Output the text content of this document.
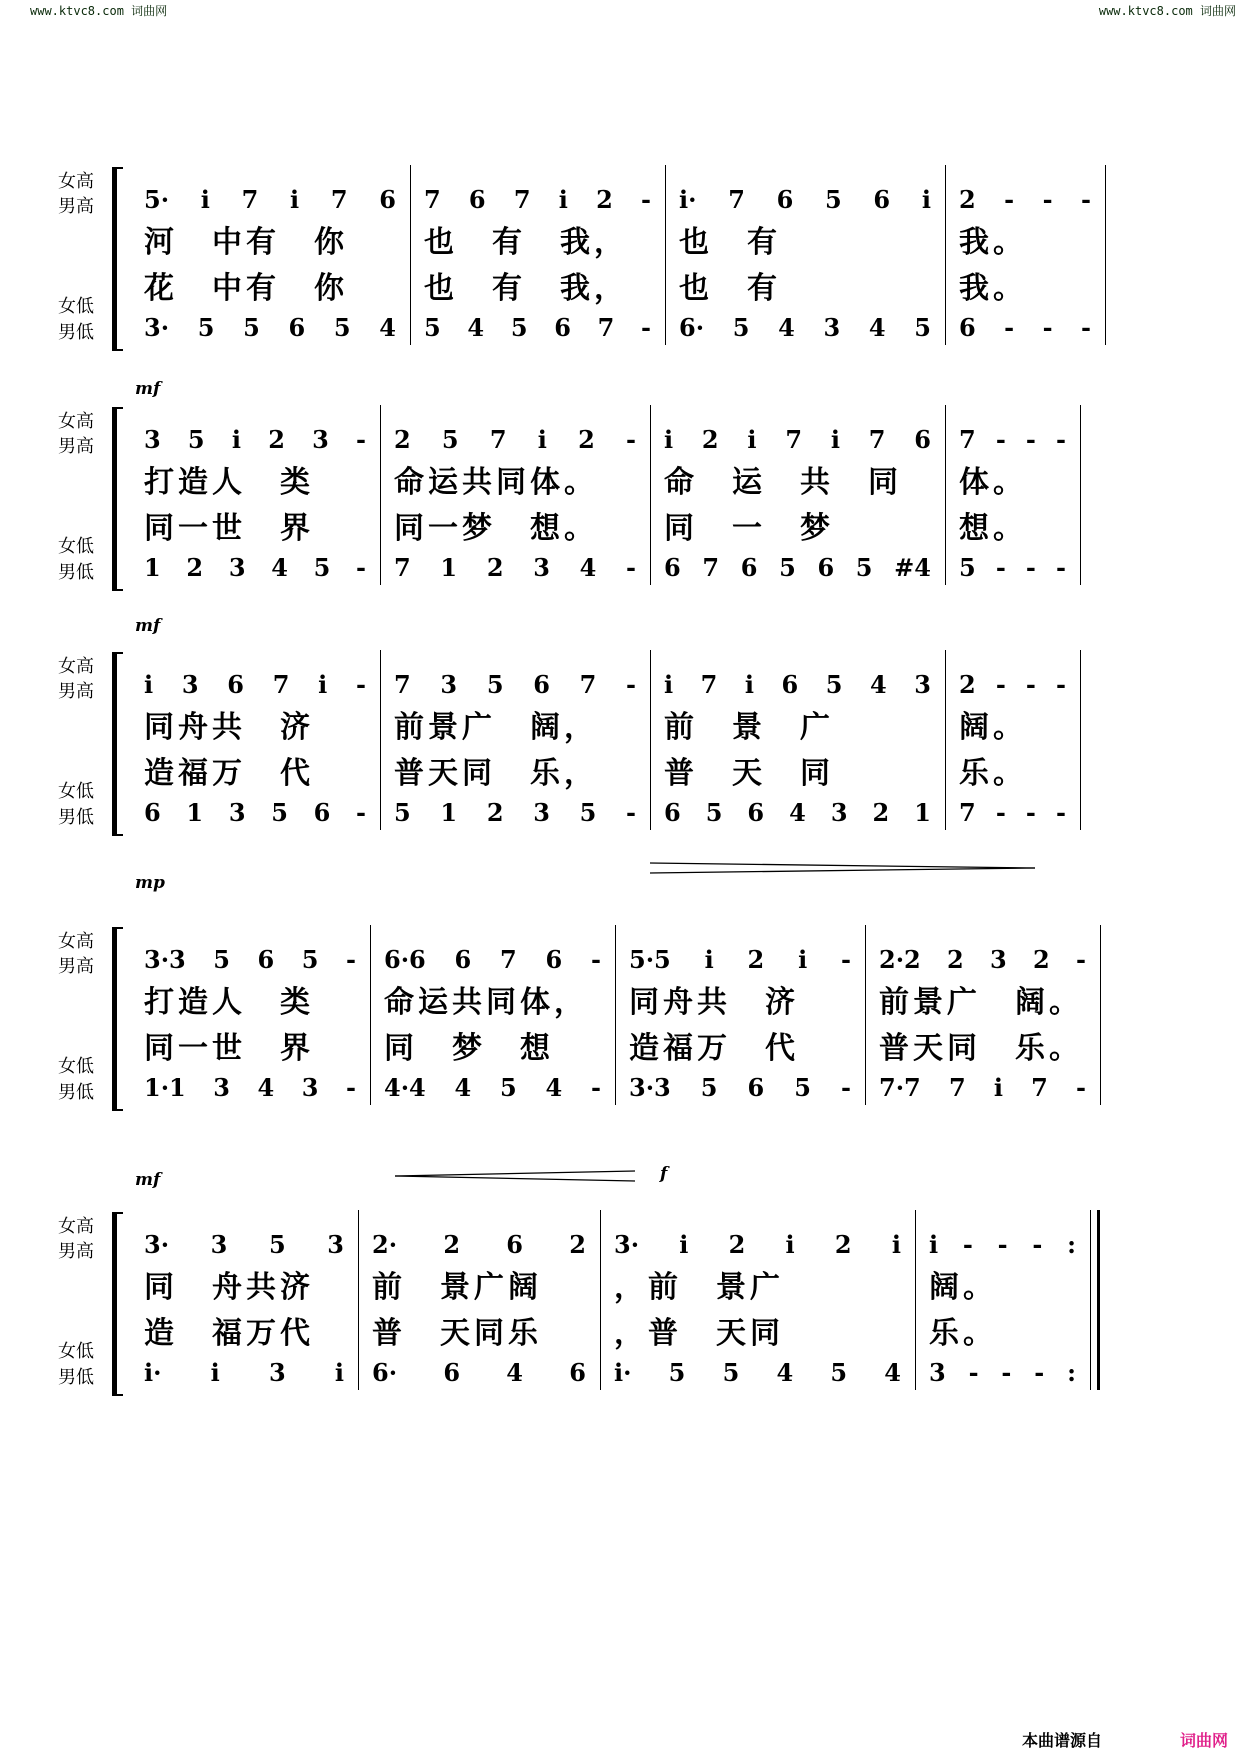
www.ktvc8.com 词曲网	www.ktvc8.com 词曲网
女高
男高
女低
男低
5· i 7 i 7 6
河
　 中 有
　 你
花
　 中 有
　 你
3· 5 5 6 5 4
7 6 7 i 2 -
也
　 有
　 我 ，
也
　 有
　 我 ，
5 4 5 6 7 -
i· 7 6 5 6 i
也
　 有
也
　 有
6· 5 4 3 4 5
2 - - -
我 。
我 。
6 - - -
mf
女高
男高
女低
男低
3 5 i 2 3 -
打 造 人
　 类
同 一 世
　 界
1 2 3 4 5 -
2 5 7 i 2 -
命 运 共 同 体 。
同 一 梦
　 想 。
7 1 2 3 4 -
i 2 i 7 i 7 6
命
　 运
　 共
　 同
同
　 一
　 梦
6 7 6 5 6 5 #4
7 - - -
体 。
想 。
5 - - -
mf
女高
男高
女低
男低
i 3 6 7 i -
同 舟 共
　 济
造 福 万
　 代
6 1 3 5 6 -
7 3 5 6 7 -
前 景 广
　 阔 ，
普 天 同
　 乐 ，
5 1 2 3 5 -
i 7 i 6 5 4 3
前
　 景
　 广
普
　 天
　 同
6 5 6 4 3 2 1
2 - - -
阔 。
乐 。
7 - - -
mp
女高
男高
女低
男低
3·3 5 6 5 -
打 造 人
　 类
同 一 世
　 界
1·1 3 4 3 -
6·6 6 7 6 -
命 运 共 同 体 ，
同
　 梦
　 想
4·4 4 5 4 -
5·5 i 2 i -
同 舟 共
　 济
造 福 万
　 代
3·3 5 6 5 -
2·2 2 3 2 -
前 景 广
　 阔 。
普 天 同
　 乐 。
7·7 7 i 7 -
mf	f
女高
男高
女低
男低
3· 3 5 3
同
　 舟 共 济
造
　 福 万 代
i· i 3 i
2· 2 6 2
前
　 景 广 阔
普
　 天 同 乐
6· 6 4 6
3· i 2 i 2 i
， 前
　 景 广
， 普
　 天 同
i· 5 5 4 5 4
i - - - :
阔 。
乐 。
3 - - - :
本曲谱源自	词曲网
